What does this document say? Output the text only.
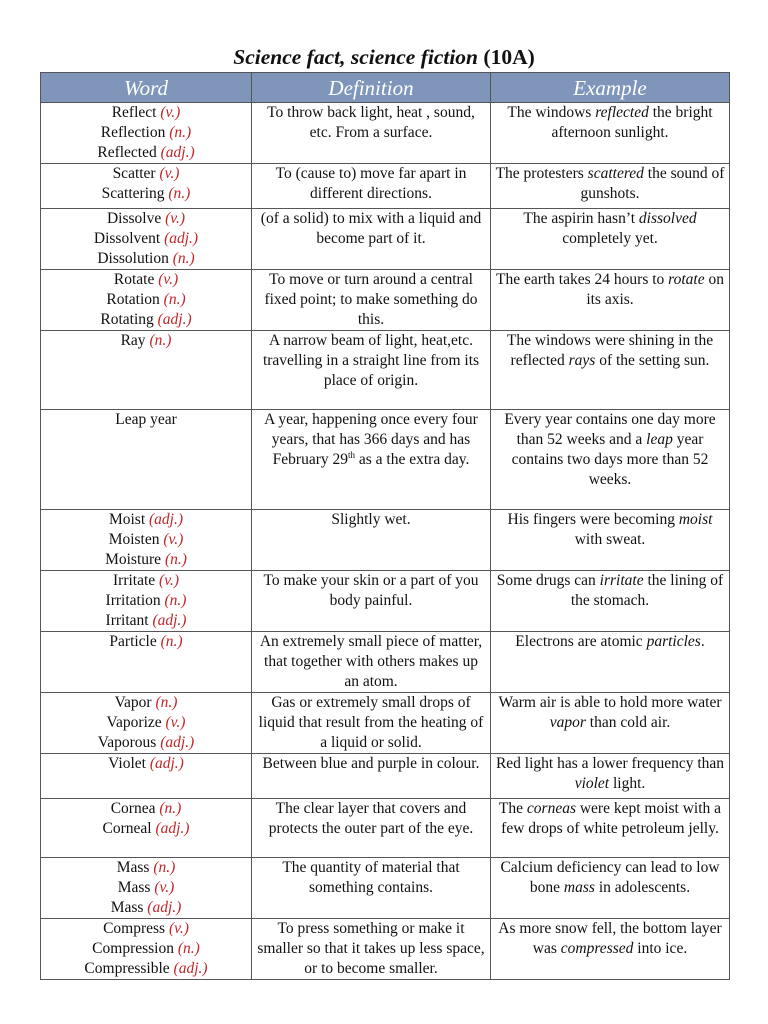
Science fact, science fiction (10A)
Word	Definition	Example

Reflect (v.)
Reflection (n.)
Reflected (adj.)	To throw back light, heat , sound, etc. From a surface.	The windows reflected the bright afternoon sunlight.

Scatter (v.)
Scattering (n.)	To (cause to) move far apart in different directions.	The protesters scattered the sound of gunshots.

Dissolve (v.)
Dissolvent (adj.)
Dissolution (n.)	(of a solid) to mix with a liquid and become part of it.	The aspirin hasn’t dissolved completely yet.

Rotate (v.)
Rotation (n.)
Rotating (adj.)	To move or turn around a central fixed point; to make something do this.	The earth takes 24 hours to rotate on its axis.

Ray (n.)	A narrow beam of light, heat,etc. travelling in a straight line from its place of origin.	The windows were shining in the reflected rays of the setting sun.

Leap year	A year, happening once every four years, that has 366 days and has February 29th as a the extra day.	Every year contains one day more than 52 weeks and a leap year contains two days more than 52 weeks.

Moist (adj.)
Moisten (v.)
Moisture (n.)	Slightly wet.	His fingers were becoming moist with sweat.

Irritate (v.)
Irritation (n.)
Irritant (adj.)	To make your skin or a part of you body painful.	Some drugs can irritate the lining of the stomach.

Particle (n.)	An extremely small piece of matter, that together with others makes up an atom.	Electrons are atomic particles.

Vapor (n.)
Vaporize (v.)
Vaporous (adj.)	Gas or extremely small drops of liquid that result from the heating of a liquid or solid.	Warm air is able to hold more water vapor than cold air.

Violet (adj.)	Between blue and purple in colour.	Red light has a lower frequency than violet light.

Cornea (n.)
Corneal (adj.)	The clear layer that covers and protects the outer part of the eye.	The corneas were kept moist with a few drops of white petroleum jelly.

Mass (n.)
Mass (v.)
Mass (adj.)	The quantity of material that something contains.	Calcium deficiency can lead to low bone mass in adolescents.

Compress (v.)
Compression (n.)
Compressible (adj.)	To press something or make it smaller so that it takes up less space, or to become smaller.	As more snow fell, the bottom layer was compressed into ice.
